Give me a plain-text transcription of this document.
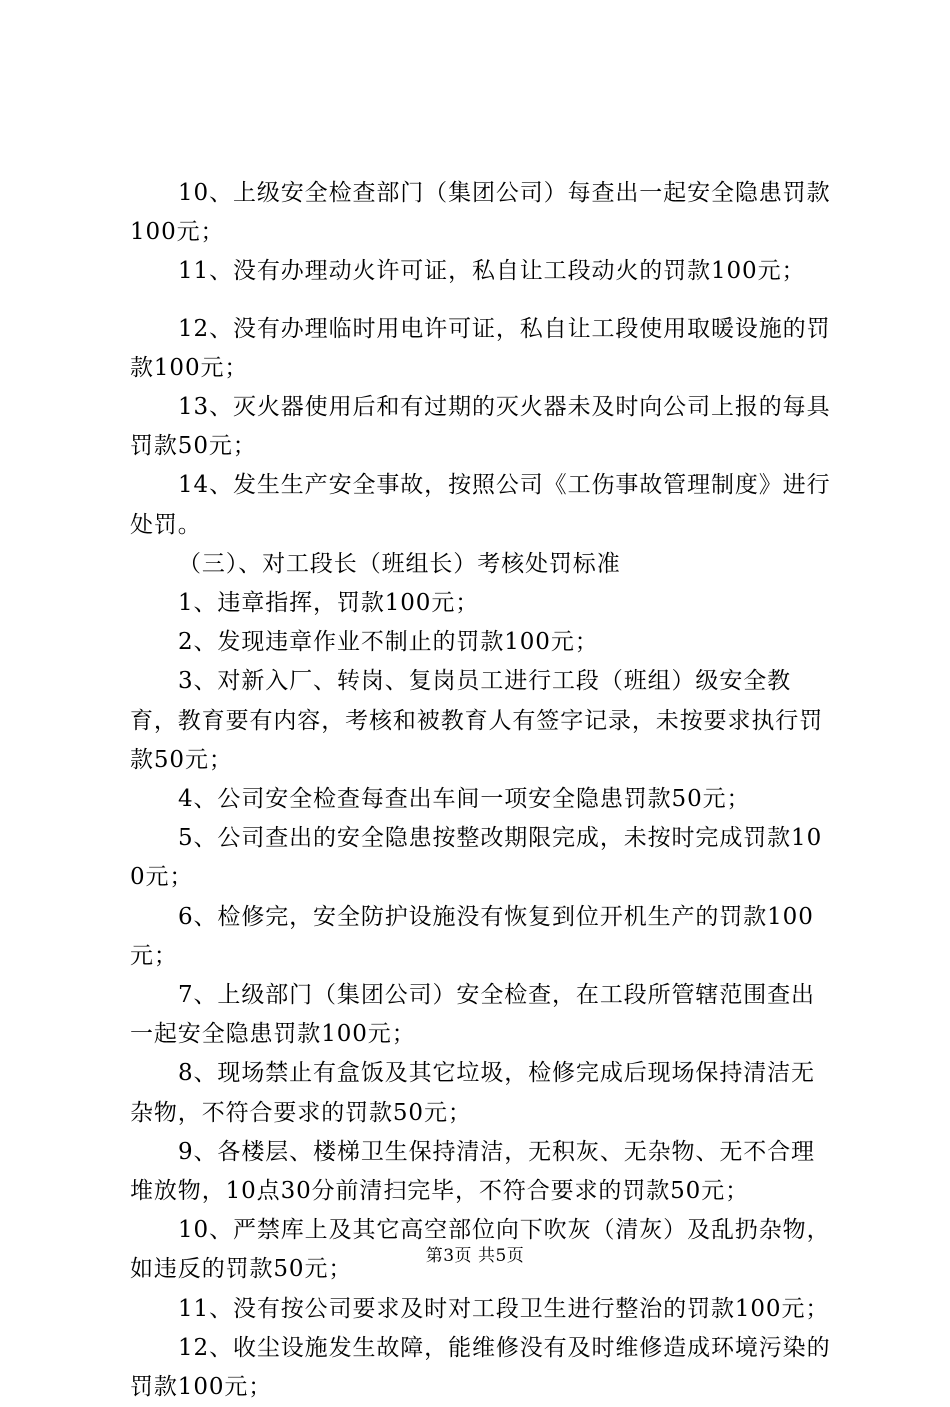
10、上级安全检查部门（集团公司）每查出一起安全隐患罚款100元；

11、没有办理动火许可证，私自让工段动火的罚款100元；

12、没有办理临时用电许可证，私自让工段使用取暖设施的罚款100元；

13、灭火器使用后和有过期的灭火器未及时向公司上报的每具罚款50元；

14、发生生产安全事故，按照公司《工伤事故管理制度》进行处罚。

（三）、对工段长（班组长）考核处罚标准

1、违章指挥，罚款100元；

2、发现违章作业不制止的罚款100元；

3、对新入厂、转岗、复岗员工进行工段（班组）级安全教育，教育要有内容，考核和被教育人有签字记录，未按要求执行罚款50元；

4、公司安全检查每查出车间一项安全隐患罚款50元；

5、公司查出的安全隐患按整改期限完成，未按时完成罚款100元；

6、检修完，安全防护设施没有恢复到位开机生产的罚款100元；

7、上级部门（集团公司）安全检查，在工段所管辖范围查出一起安全隐患罚款100元；

8、现场禁止有盒饭及其它垃圾，检修完成后现场保持清洁无杂物，不符合要求的罚款50元；

9、各楼层、楼梯卫生保持清洁，无积灰、无杂物、无不合理堆放物，10点30分前清扫完毕，不符合要求的罚款50元；

10、严禁库上及其它高空部位向下吹灰（清灰）及乱扔杂物，如违反的罚款50元；

11、没有按公司要求及时对工段卫生进行整治的罚款100元；

12、收尘设施发生故障，能维修没有及时维修造成环境污染的罚款100元；

第3页 共5页
